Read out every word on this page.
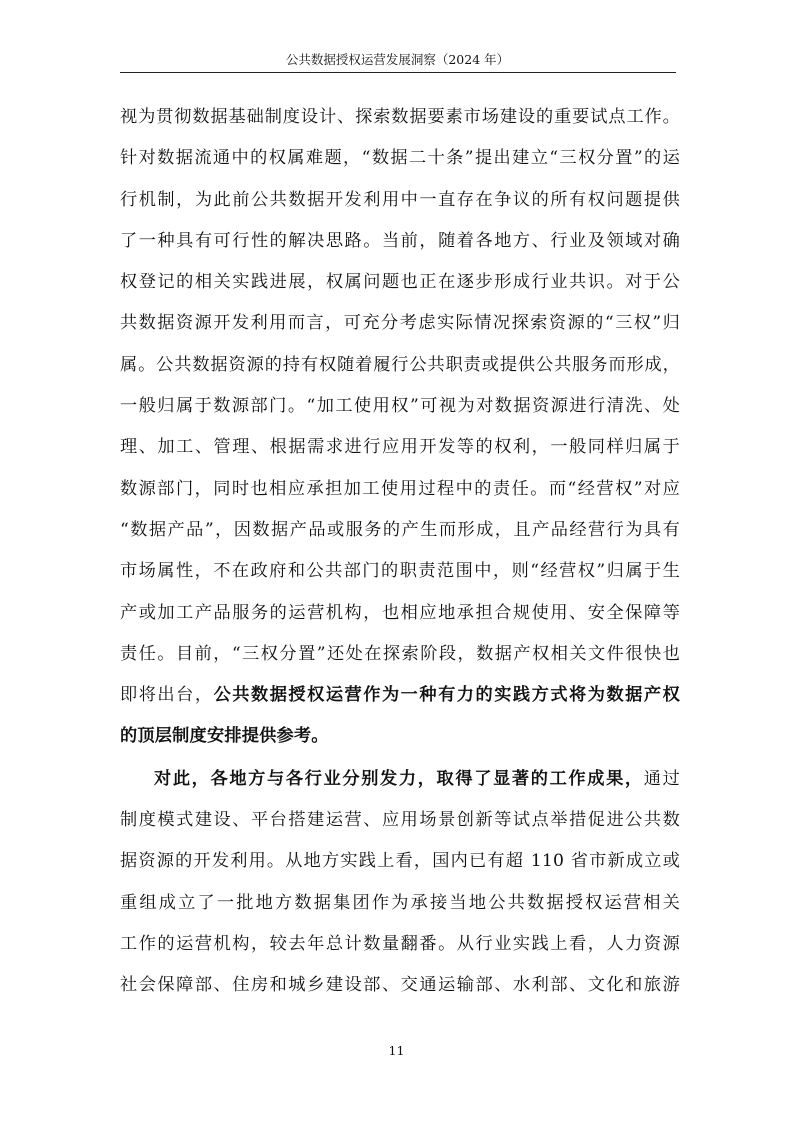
公共数据授权运营发展洞察（2024 年）
视为贯彻数据基础制度设计、探索数据要素市场建设的重要试点工作。
针对数据流通中的权属难题，“数据二十条”提出建立“三权分置”的运
行机制，为此前公共数据开发利用中一直存在争议的所有权问题提供
了一种具有可行性的解决思路。当前，随着各地方、行业及领域对确
权登记的相关实践进展，权属问题也正在逐步形成行业共识。对于公
共数据资源开发利用而言，可充分考虑实际情况探索资源的“三权”归
属。公共数据资源的持有权随着履行公共职责或提供公共服务而形成，
一般归属于数源部门。“加工使用权”可视为对数据资源进行清洗、处
理、加工、管理、根据需求进行应用开发等的权利，一般同样归属于
数源部门，同时也相应承担加工使用过程中的责任。而“经营权”对应
“数据产品”，因数据产品或服务的产生而形成，且产品经营行为具有
市场属性，不在政府和公共部门的职责范围中，则“经营权”归属于生
产或加工产品服务的运营机构，也相应地承担合规使用、安全保障等
责任。目前，“三权分置”还处在探索阶段，数据产权相关文件很快也
即将出台，公共数据授权运营作为一种有力的实践方式将为数据产权
的顶层制度安排提供参考。
对此，各地方与各行业分别发力，取得了显著的工作成果，通过
制度模式建设、平台搭建运营、应用场景创新等试点举措促进公共数
据资源的开发利用。从地方实践上看，国内已有超 110 省市新成立或
重组成立了一批地方数据集团作为承接当地公共数据授权运营相关
工作的运营机构，较去年总计数量翻番。从行业实践上看，人力资源
社会保障部、住房和城乡建设部、交通运输部、水利部、文化和旅游
11
